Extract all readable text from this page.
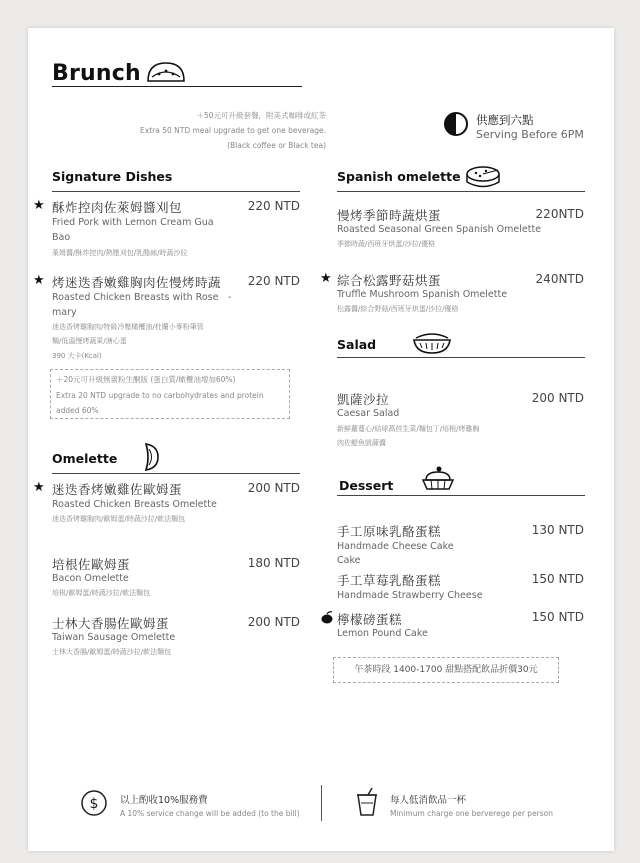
Brunch
＋50元可升級套餐，附美式咖啡或紅茶
Extra 50 NTD meal upgrade to get one beverage.
(Black coffee or Black tea)
供應到六點
Serving Before 6PM
Signature Dishes
★ 酥炸控肉佐萊姆醬刈包	220 NTD
Fried Pork with Lemon Cream Gua
Bao
萊姆醬/酥炸控肉/熱壓刈包/乳酪絲/時蔬沙拉
★ 烤迷迭香嫩雞胸肉佐慢烤時蔬	220 NTD
Roasted Chicken Breasts with Rose -
mary
迷迭香烤雞胸肉/特級冷壓橄欖油/杜蘭小麥粉筆管
麵/低溫慢烤蔬果/溏心蛋
390 大卡(Kcal)
＋20元可升級無薷粉生酮版 (蛋白質/橄欖油增加60%)
Extra 20 NTD upgrade to no carbohydrates and protein
added 60%
Omelette
★ 迷迭香烤嫩雞佐歐姆蛋	200 NTD
Roasted Chicken Breasts Omelette
迷迭香烤雞胸肉/歐姆蛋/時蔬沙拉/軟法麵包
培根佐歐姆蛋	180 NTD
Bacon Omelette
培根/歐姆蛋/時蔬沙拉/軟法麵包
士林大香腸佐歐姆蛋	200 NTD
Taiwan Sausage Omelette
士林大香腸/歐姆蛋/時蔬沙拉/軟法麵包
Spanish omelette
慢烤季節時蔬烘蛋	220NTD
Roasted Seasonal Green Spanish Omelette
季節時蔬/西班牙烘蛋/沙拉/優格
★ 綜合松露野菇烘蛋	240NTD
Truffle Mushroom Spanish Omelette
松露醬/綜合野菇/西班牙烘蛋/沙拉/優格
Salad
凱薩沙拉	200 NTD
Caesar Salad
新鮮蘿蔓心/結球萵苣生菜/麵包丁/培根/烤雞胸
肉佐鯷魚凱薩醬
Dessert
手工原味乳酪蛋糕	130 NTD
Handmade Cheese Cake
Cake
手工草莓乳酪蛋糕	150 NTD
Handmade Strawberry Cheese
檸檬磅蛋糕	150 NTD
Lemon Pound Cake
午茶時段 1400-1700 甜點搭配飲品折價30元
$ 以上酌收10%服務費
A 10% service change will be added (to the bill)
每人低消飲品一杯
Minimum charge one berverege per person
